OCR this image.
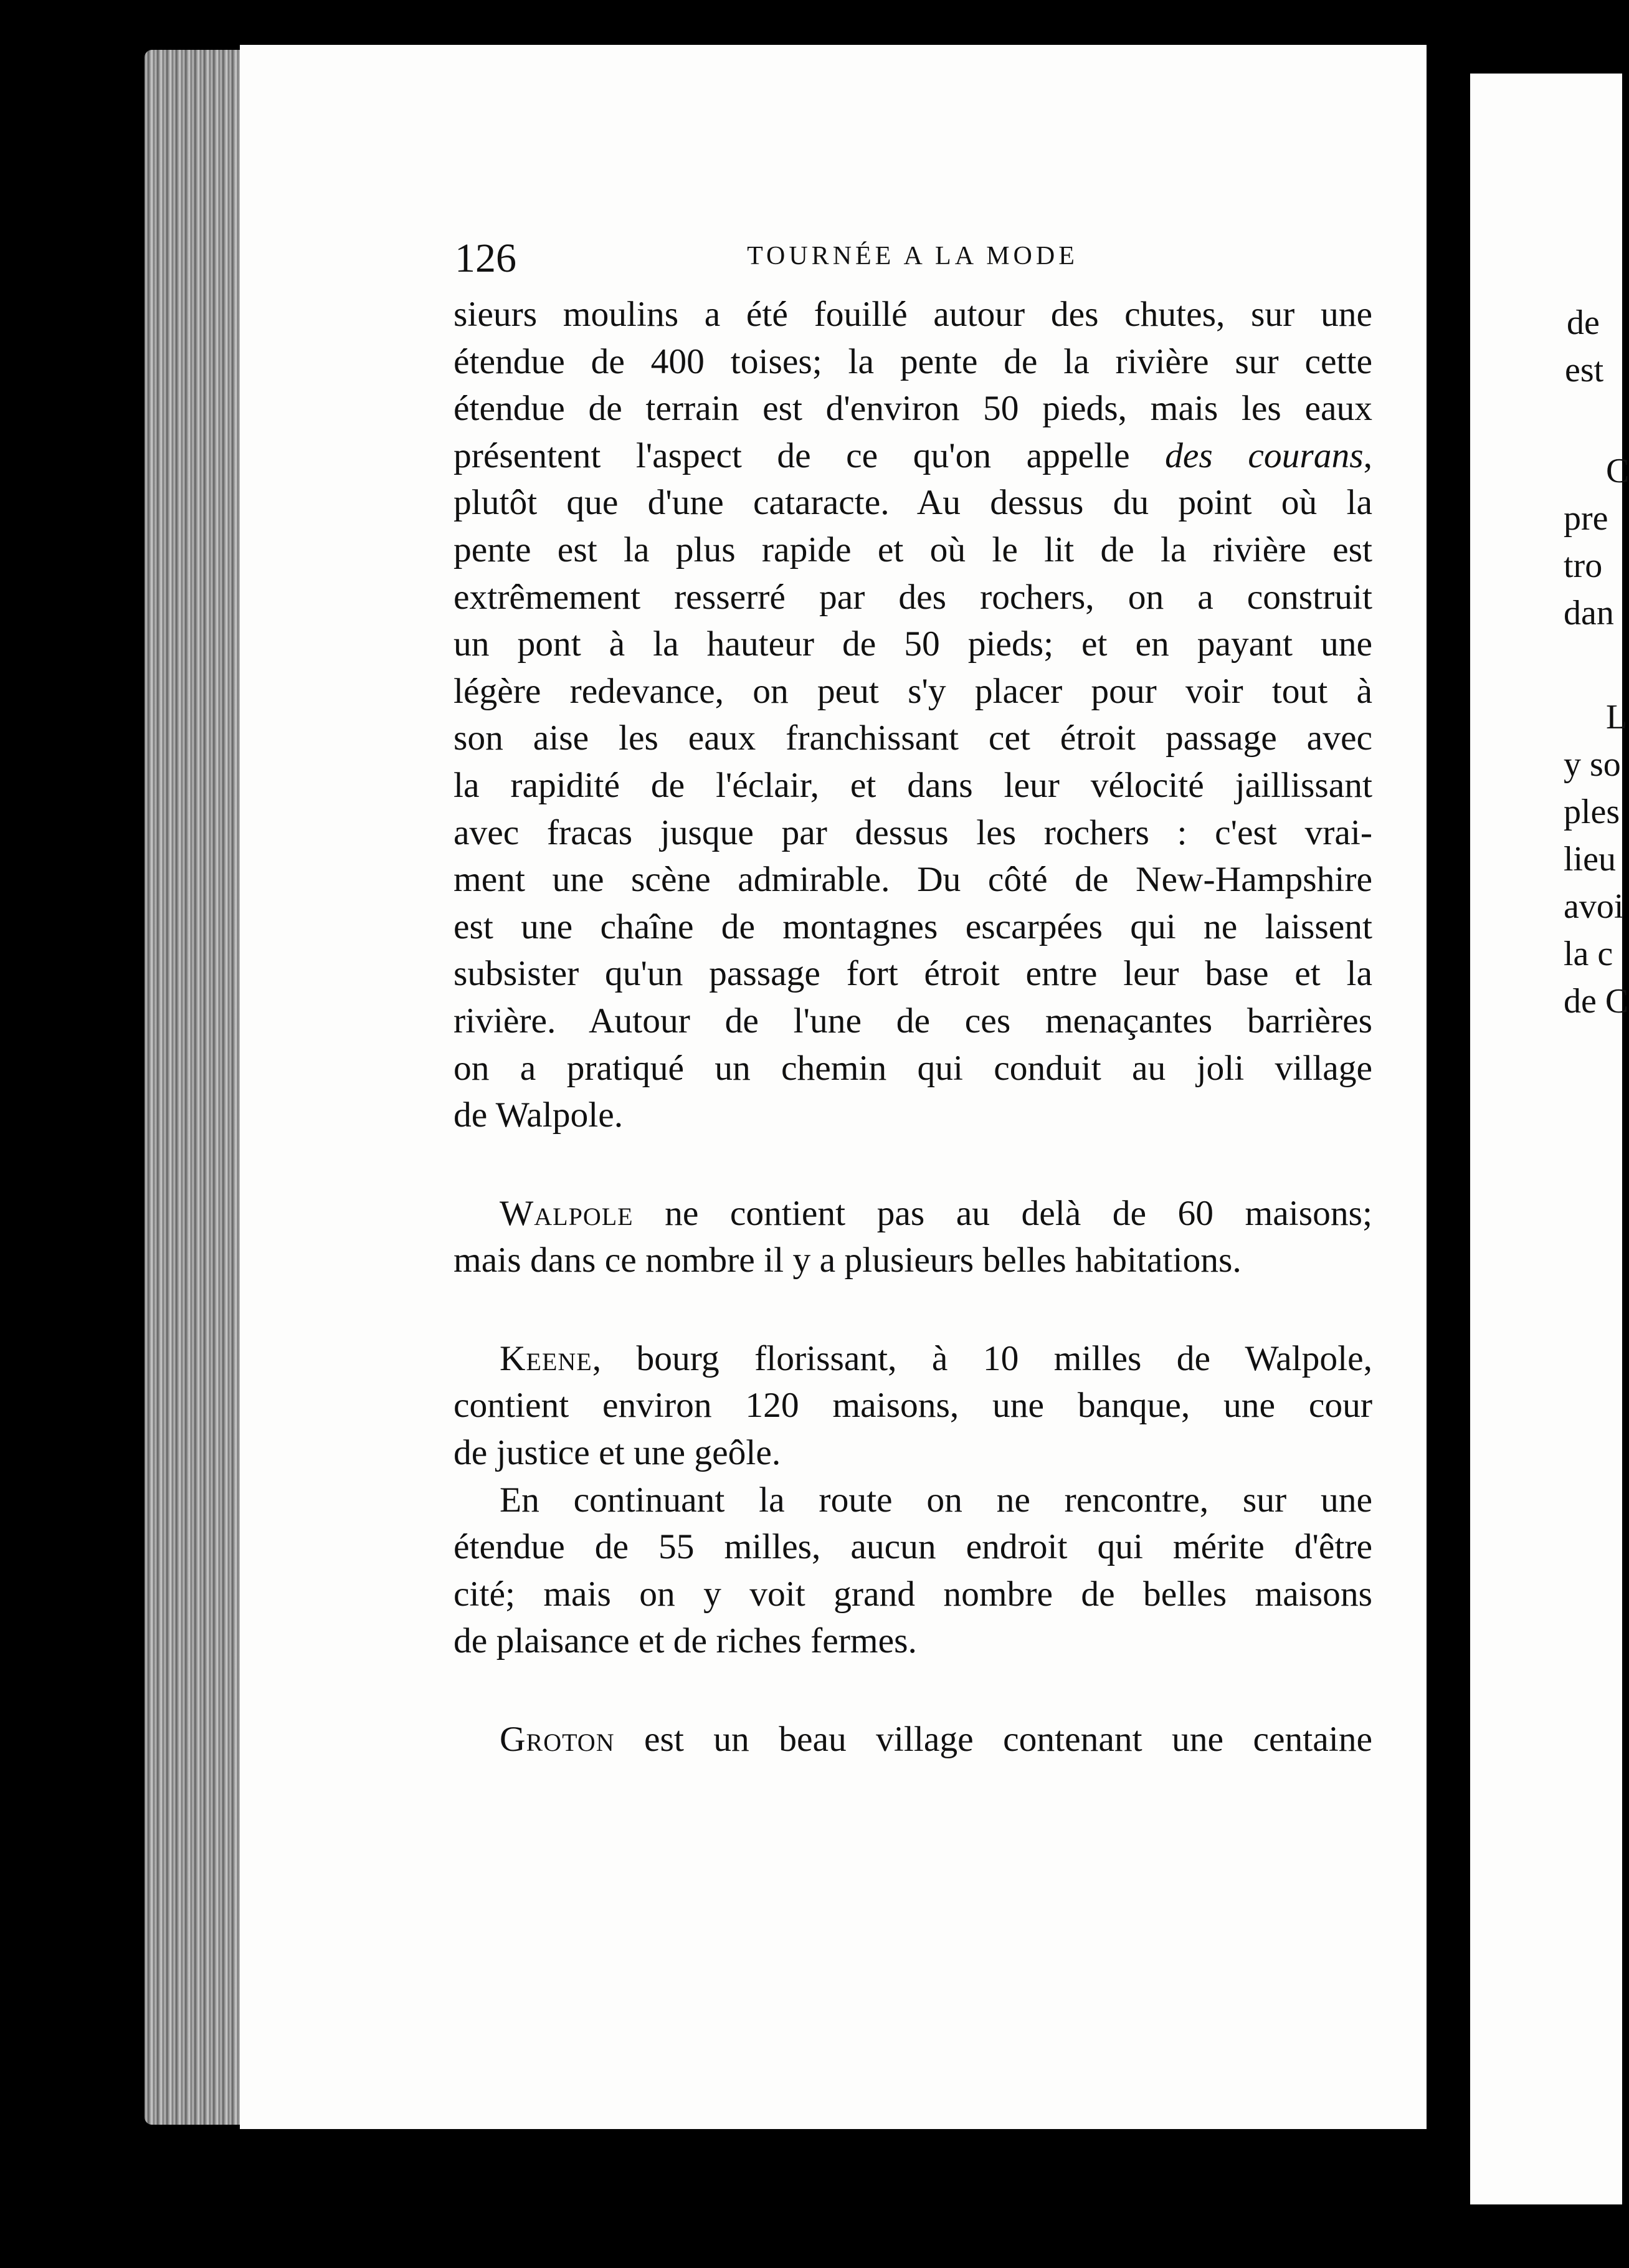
126	TOURNÉE A LA MODE
sieurs moulins a été fouillé autour des chutes, sur une
étendue de 400 toises; la pente de la rivière sur cette
étendue de terrain est d'environ 50 pieds, mais les eaux
présentent l'aspect de ce qu'on appelle des courans,
plutôt que d'une cataracte. Au dessus du point où la
pente est la plus rapide et où le lit de la rivière est
extrêmement resserré par des rochers, on a construit
un pont à la hauteur de 50 pieds; et en payant une
légère redevance, on peut s'y placer pour voir tout à
son aise les eaux franchissant cet étroit passage avec
la rapidité de l'éclair, et dans leur vélocité jaillissant
avec fracas jusque par dessus les rochers : c'est vrai-
ment une scène admirable. Du côté de New-Hampshire
est une chaîne de montagnes escarpées qui ne laissent
subsister qu'un passage fort étroit entre leur base et la
rivière. Autour de l'une de ces menaçantes barrières
on a pratiqué un chemin qui conduit au joli village
de Walpole.
Walpole ne contient pas au delà de 60 maisons;
mais dans ce nombre il y a plusieurs belles habitations.
Keene, bourg florissant, à 10 milles de Walpole,
contient environ 120 maisons, une banque, une cour
de justice et une geôle.
En continuant la route on ne rencontre, sur une
étendue de 55 milles, aucun endroit qui mérite d'être
cité; mais on y voit grand nombre de belles maisons
de plaisance et de riches fermes.
Groton est un beau village contenant une centaine
de
est
C
pre
tro
dan
L
y so
ples
lieu
avoi
la c
de C
